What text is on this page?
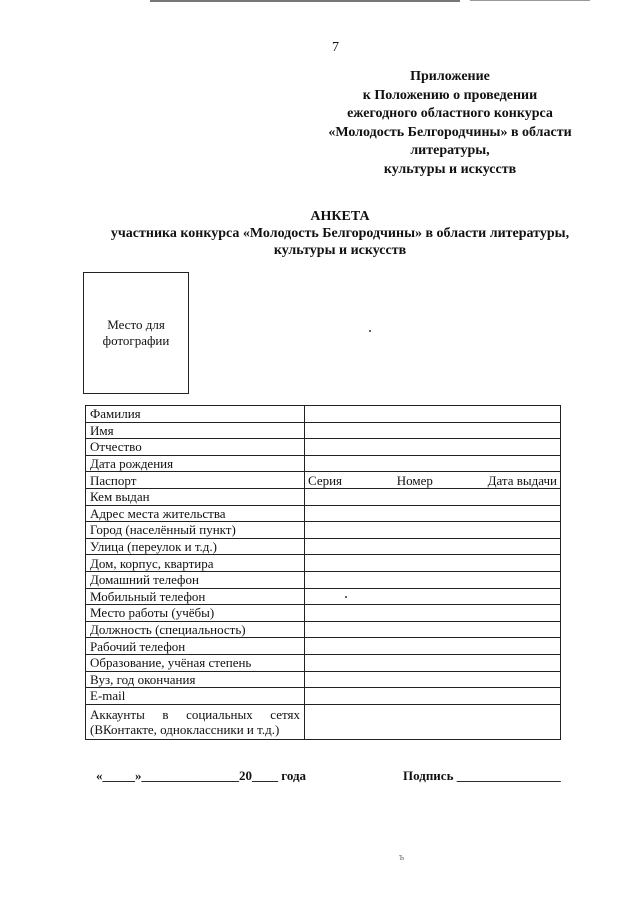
7
Приложение
к Положению о проведении
ежегодного областного конкурса
«Молодость Белгородчины» в области
литературы,
культуры и искусств
АНКЕТА
участника конкурса «Молодость Белгородчины» в области литературы,
культуры и искусств
Место для
фотографии
Фамилия	
Имя	
Отчество	
Дата рождения	
Паспорт	Серия Номер Дата выдачи

Кем выдан	
Адрес места жительства	
Город (населённый пункт)	
Улица (переулок и т.д.)	
Дом, корпус, квартира	
Домашний телефон	
Мобильный телефон	
Место работы (учёбы)	
Должность (специальность)	
Рабочий телефон	
Образование, учёная степень	
Вуз, год окончания	
E-mail	

Аккаунты в социальных сетях
(ВКонтакте, одноклассники и т.д.)	

«_____»_______________20____ года	Подпись ________________
ъ
